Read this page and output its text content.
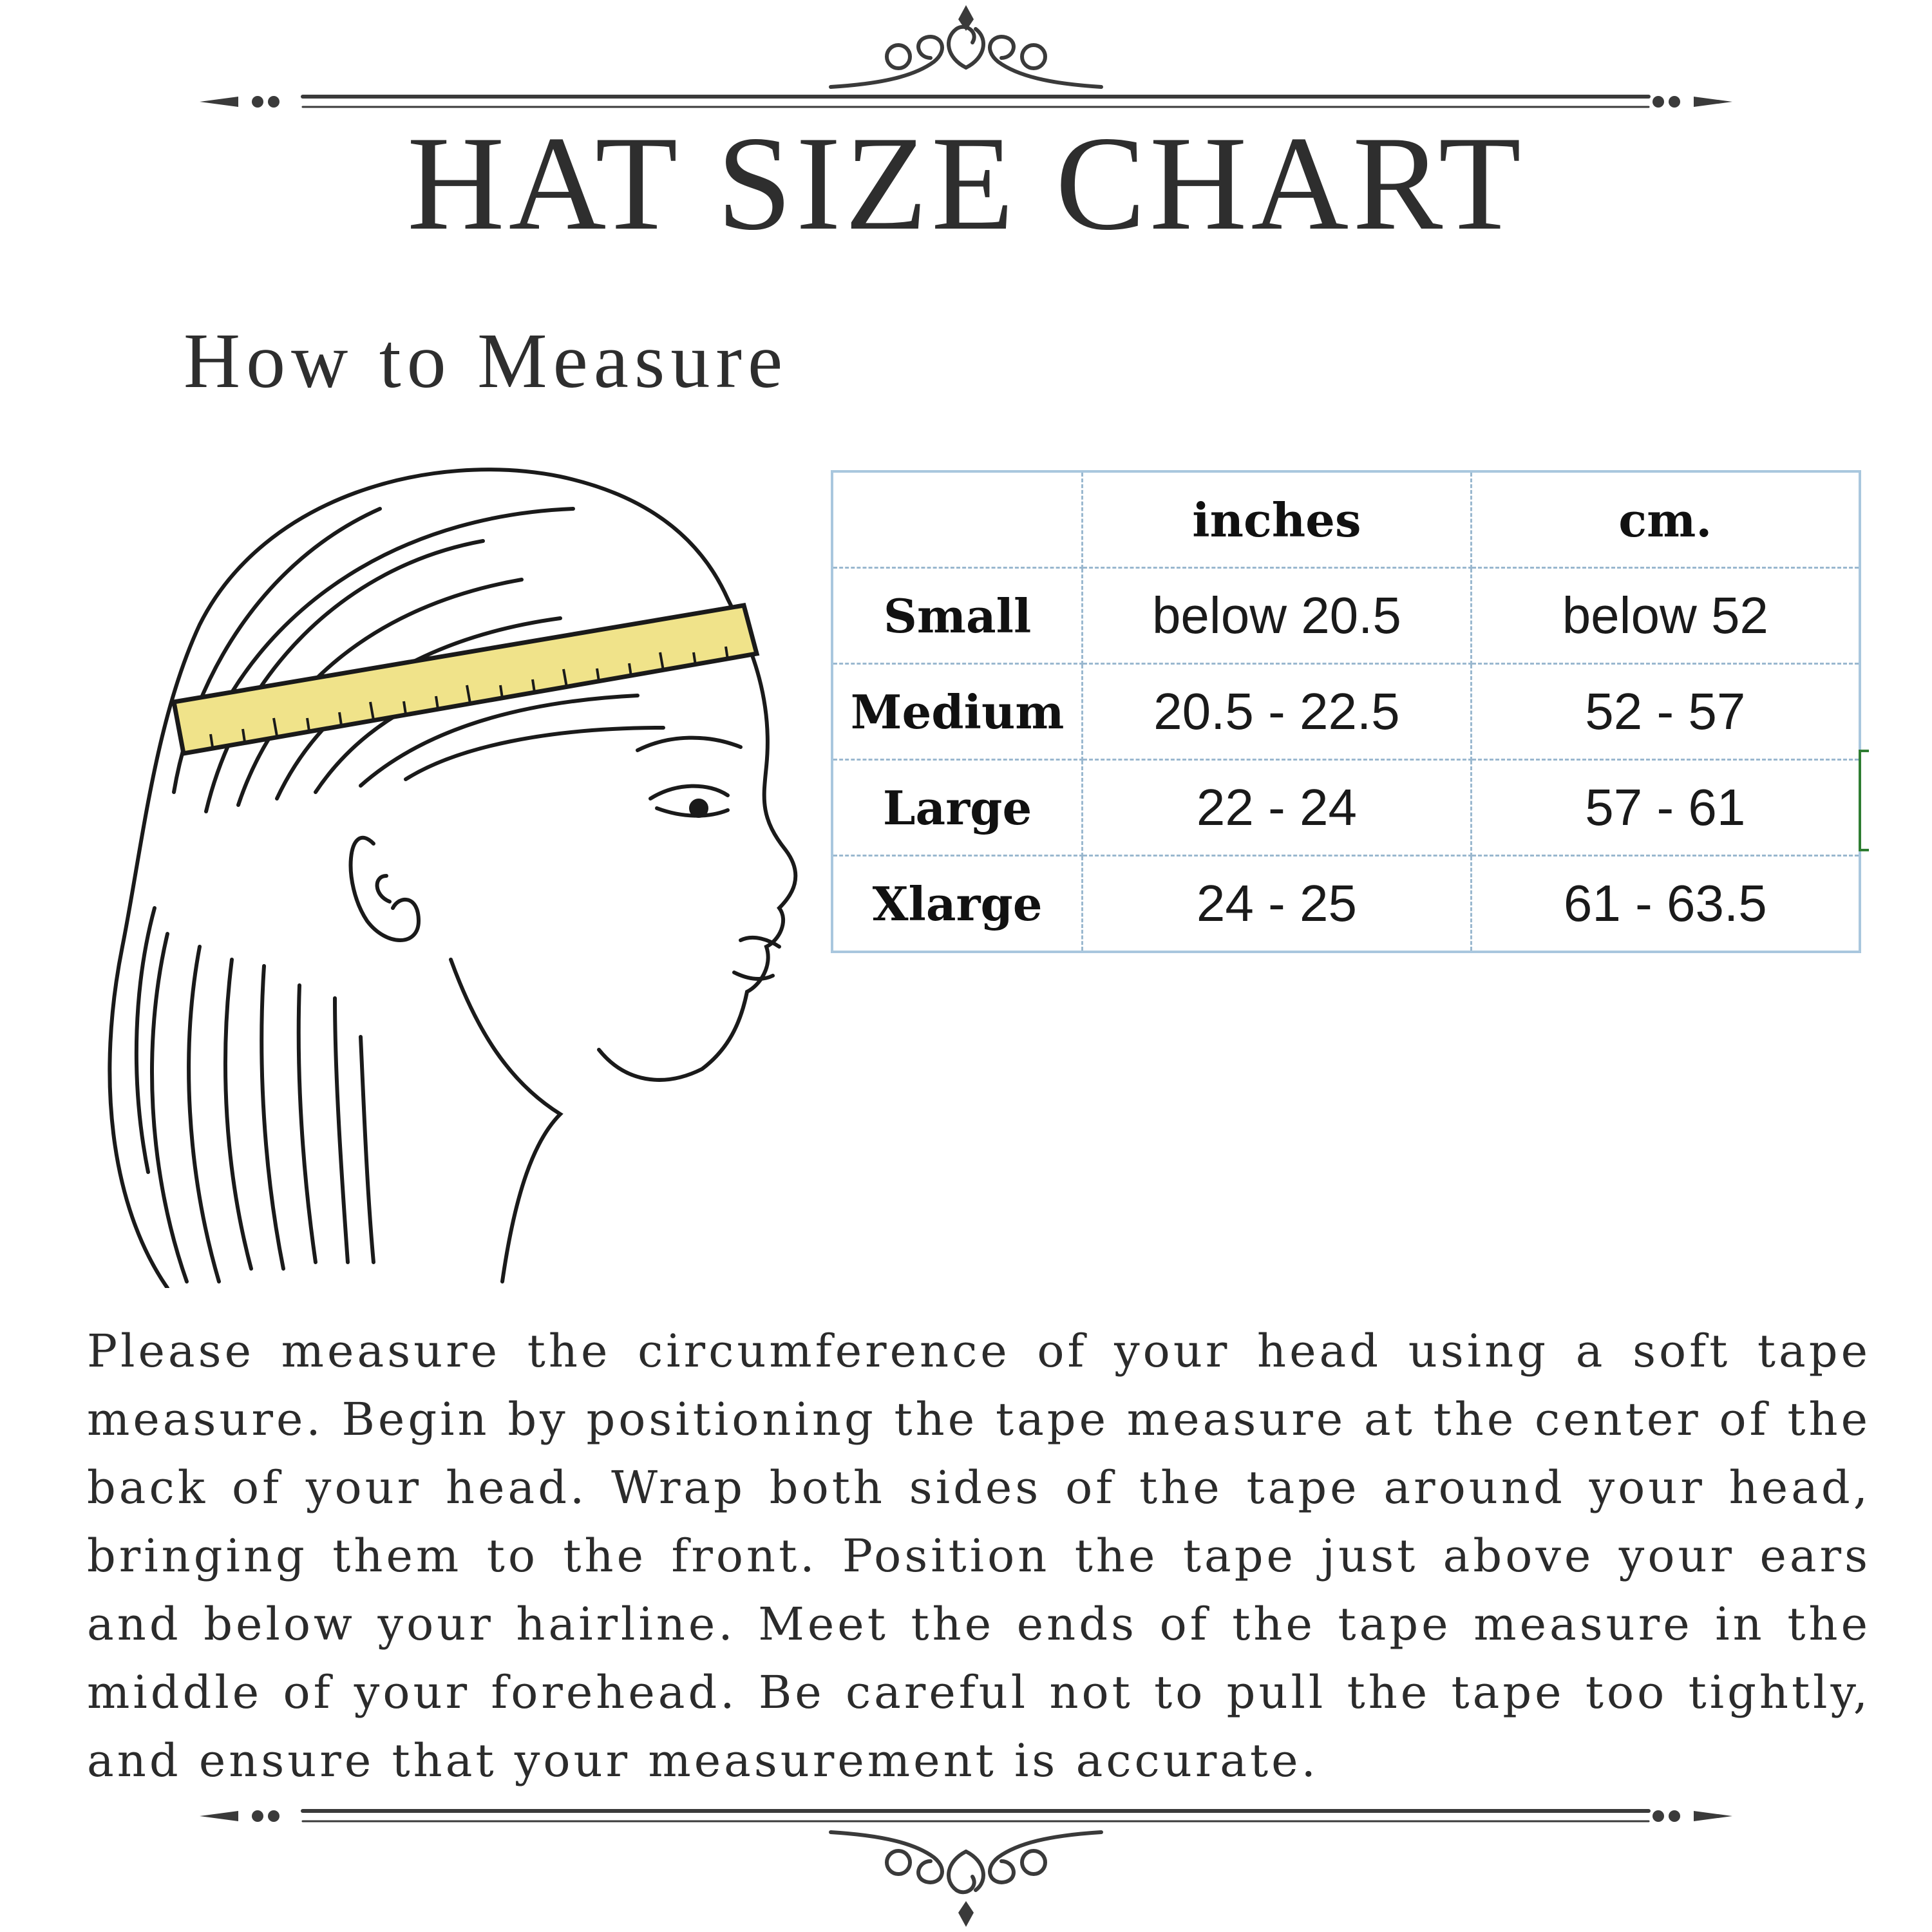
HAT SIZE CHART
How to Measure
	inches	cm.
Small	below 20.5	below 52
Medium	20.5 - 22.5	52 - 57
Large	22 - 24	57 - 61
Xlarge	24 - 25	61 - 63.5

Please measure the circumference of your head using a soft tape measure. Begin by positioning the tape measure at the center of the back of your head. Wrap both sides of the tape around your head, bringing them to the front. Position the tape just above your ears and below your hairline. Meet the ends of the tape measure in the middle of your forehead. Be careful not to pull the tape too tightly, and ensure that your measurement is accurate.
